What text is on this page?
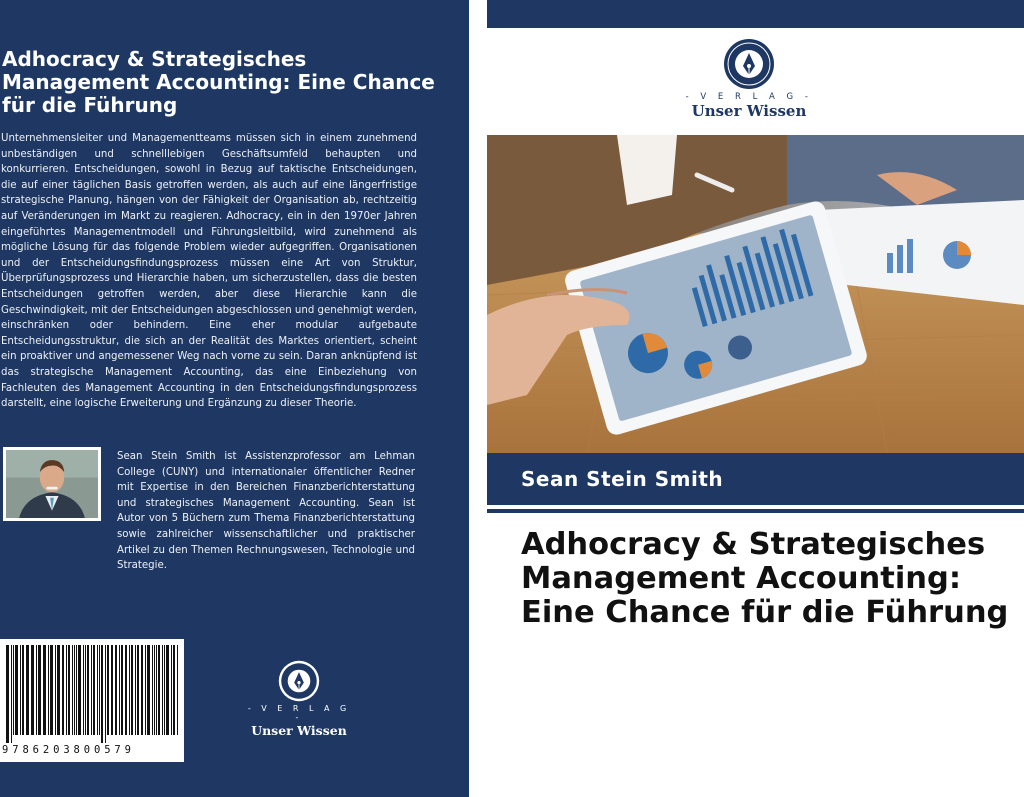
Adhocracy & Strategisches Management Accounting: Eine Chance für die Führung
Unternehmensleiter und Managementteams müssen sich in einem zunehmend unbeständigen und schnelllebigen Geschäftsumfeld behaupten und konkurrieren. Entscheidungen, sowohl in Bezug auf taktische Entscheidungen, die auf einer täglichen Basis getroffen werden, als auch auf eine längerfristige strategische Planung, hängen von der Fähigkeit der Organisation ab, rechtzeitig auf Veränderungen im Markt zu reagieren. Adhocracy, ein in den 1970er Jahren eingeführtes Managementmodell und Führungsleitbild, wird zunehmend als mögliche Lösung für das folgende Problem wieder aufgegriffen. Organisationen und der Entscheidungsfindungsprozess müssen eine Art von Struktur, Überprüfungsprozess und Hierarchie haben, um sicherzustellen, dass die besten Entscheidungen getroffen werden, aber diese Hierarchie kann die Geschwindigkeit, mit der Entscheidungen abgeschlossen und genehmigt werden, einschränken oder behindern. Eine eher modular aufgebaute Entscheidungsstruktur, die sich an der Realität des Marktes orientiert, scheint ein proaktiver und angemessener Weg nach vorne zu sein. Daran anknüpfend ist das strategische Management Accounting, das eine Einbeziehung von Fachleuten des Management Accounting in den Entscheidungsfindungsprozess darstellt, eine logische Erweiterung und Ergänzung zu dieser Theorie.
Sean Stein Smith ist Assistenzprofessor am Lehman College (CUNY) und internationaler öffentlicher Redner mit Expertise in den Bereichen Finanzberichterstattung und strategisches Management Accounting. Sean ist Autor von 5 Büchern zum Thema Finanzberichterstattung sowie zahlreicher wissenschaftlicher und praktischer Artikel zu den Themen Rechnungswesen, Technologie und Strategie.
9786203800579
- V E R L A G -
Unser Wissen
- V E R L A G -
Unser Wissen
Sean Stein Smith
Adhocracy & Strategisches Management Accounting: Eine Chance für die Führung
